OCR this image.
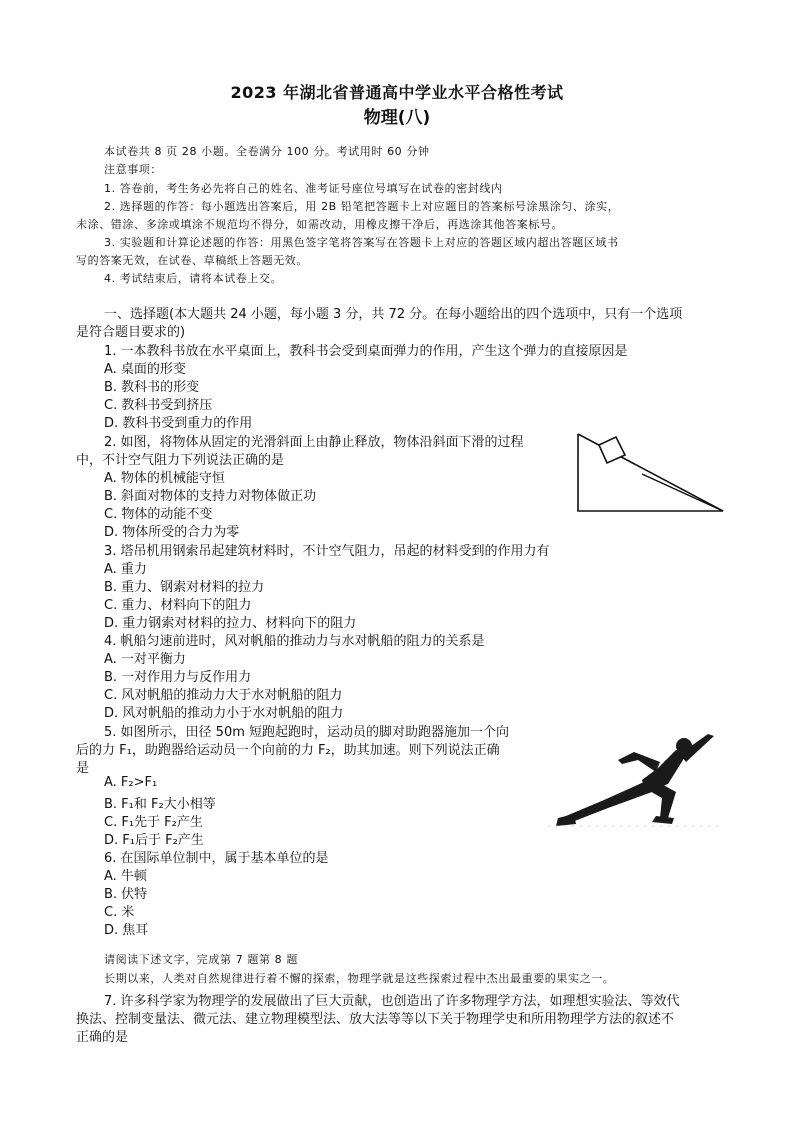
2023 年湖北省普通高中学业水平合格性考试
物理(八)
本试卷共 8 页 28 小题。全卷满分 100 分。考试用时 60 分钟
注意事项：
1. 答卷前，考生务必先将自己的姓名、准考证号座位号填写在试卷的密封线内
2. 选择题的作答：每小题选出答案后，用 2B 铅笔把答题卡上对应题目的答案标号涂黑涂匀、涂实，
未涂、错涂、多涂或填涂不规范均不得分，如需改动，用橡皮擦干净后，再选涂其他答案标号。
3. 实验题和计算论述题的作答：用黑色签字笔将答案写在答题卡上对应的答题区域内超出答题区域书
写的答案无效，在试卷、草稿纸上答题无效。
4. 考试结束后，请将本试卷上交。
一、选择题(本大题共 24 小题，每小题 3 分，共 72 分。在每小题给出的四个选项中，只有一个选项
是符合题目要求的)
1. 一本教科书放在水平桌面上，教科书会受到桌面弹力的作用，产生这个弹力的直接原因是
A. 桌面的形变
B. 教科书的形变
C. 教科书受到挤压
D. 教科书受到重力的作用
2. 如图，将物体从固定的光滑斜面上由静止释放，物体沿斜面下滑的过程
中，不计空气阻力下列说法正确的是
A. 物体的机械能守恒
B. 斜面对物体的支持力对物体做正功
C. 物体的动能不变
D. 物体所受的合力为零
3. 塔吊机用钢索吊起建筑材料时，不计空气阻力，吊起的材料受到的作用力有
A. 重力
B. 重力、钢索对材料的拉力
C. 重力、材料向下的阻力
D. 重力钢索对材料的拉力、材料向下的阻力
4. 帆船匀速前进时，风对帆船的推动力与水对帆船的阻力的关系是
A. 一对平衡力
B. 一对作用力与反作用力
C. 风对帆船的推动力大于水对帆船的阻力
D. 风对帆船的推动力小于水对帆船的阻力
5. 如图所示，田径 50m 短跑起跑时，运动员的脚对助跑器施加一个向
后的力 F₁，助跑器给运动员一个向前的力 F₂，助其加速。则下列说法正确
是
A. F₂>F₁
B. F₁和 F₂大小相等
C. F₁先于 F₂产生
D. F₁后于 F₂产生
6. 在国际单位制中，属于基本单位的是
A. 牛顿
B. 伏特
C. 米
D. 焦耳
请阅读下述文字，完成第 7 题第 8 题
长期以来，人类对自然规律进行着不懈的探索，物理学就是这些探索过程中杰出最重要的果实之一。
7. 许多科学家为物理学的发展做出了巨大贡献，也创造出了许多物理学方法，如理想实验法、等效代
换法、控制变量法、微元法、建立物理模型法、放大法等等以下关于物理学史和所用物理学方法的叙述不
正确的是
